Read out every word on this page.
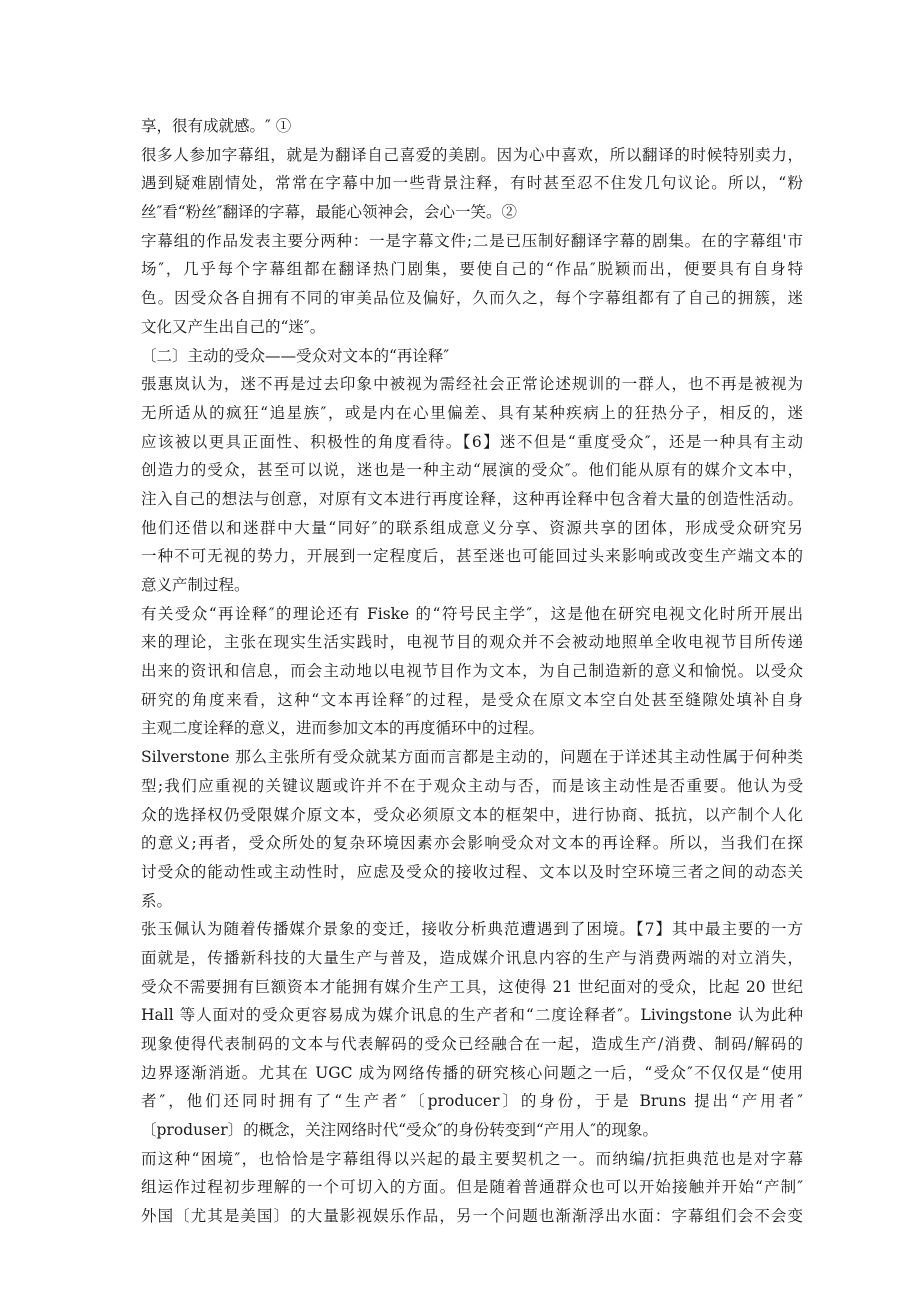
享，很有成就感。″ ①
很多人参加字幕组，就是为翻译自己喜爱的美剧。因为心中喜欢，所以翻译的时候特别卖力，
遇到疑难剧情处，常常在字幕中加一些背景注释，有时甚至忍不住发几句议论。所以，“粉
丝″看“粉丝″翻译的字幕，最能心领神会，会心一笑。②
字幕组的作品发表主要分两种：一是字幕文件;二是已压制好翻译字幕的剧集。在的字幕组'市
场″，几乎每个字幕组都在翻译热门剧集，要使自己的“作品″脱颖而出，便要具有自身特
色。因受众各自拥有不同的审美品位及偏好，久而久之，每个字幕组都有了自己的拥簇，迷
文化又产生出自己的“迷″。
〔二〕主动的受众——受众对文本的“再诠释″
張惠岚认为，迷不再是过去印象中被视为需经社会正常论述规训的一群人，也不再是被视为
无所适从的疯狂“追星族″，或是内在心里偏差、具有某种疾病上的狂热分子，相反的，迷
应该被以更具正面性、积极性的角度看待。【6】迷不但是“重度受众″，还是一种具有主动
创造力的受众，甚至可以说，迷也是一种主动“展演的受众″。他们能从原有的媒介文本中，
注入自己的想法与创意，对原有文本进行再度诠释，这种再诠释中包含着大量的创造性活动。
他们还借以和迷群中大量“同好″的联系组成意义分享、资源共享的团体，形成受众研究另
一种不可无视的势力，开展到一定程度后，甚至迷也可能回过头来影响或改变生产端文本的
意义产制过程。
有关受众“再诠释″的理论还有 Fiske 的“符号民主学″，这是他在研究电视文化时所开展出
来的理论，主张在现实生活实践时，电视节目的观众并不会被动地照单全收电视节目所传递
出来的资讯和信息，而会主动地以电视节目作为文本，为自己制造新的意义和愉悦。以受众
研究的角度来看，这种“文本再诠释″的过程，是受众在原文本空白处甚至缝隙处填补自身
主观二度诠释的意义，进而参加文本的再度循环中的过程。
Silverstone 那么主张所有受众就某方面而言都是主动的，问题在于详述其主动性属于何种类
型;我们应重视的关键议题或许并不在于观众主动与否，而是该主动性是否重要。他认为受
众的选择权仍受限媒介原文本，受众必须原文本的框架中，进行协商、抵抗，以产制个人化
的意义;再者，受众所处的复杂环境因素亦会影响受众对文本的再诠释。所以，当我们在探
讨受众的能动性或主动性时，应虑及受众的接收过程、文本以及时空环境三者之间的动态关
系。
张玉佩认为随着传播媒介景象的变迁，接收分析典范遭遇到了困境。【7】其中最主要的一方
面就是，传播新科技的大量生产与普及，造成媒介讯息内容的生产与消费两端的对立消失，
受众不需要拥有巨额资本才能拥有媒介生产工具，这使得 21 世纪面对的受众，比起 20 世纪
Hall 等人面对的受众更容易成为媒介讯息的生产者和“二度诠释者″。Livingstone 认为此种
现象使得代表制码的文本与代表解码的受众已经融合在一起，造成生产/消费、制码/解码的
边界逐渐消逝。尤其在 UGC 成为网络传播的研究核心问题之一后，“受众″不仅仅是“使用
者″，他们还同时拥有了“生产者″〔producer〕的身份，于是 Bruns 提出“产用者″
〔produser〕的概念，关注网络时代“受众″的身份转变到“产用人″的现象。
而这种“困境″，也恰恰是字幕组得以兴起的最主要契机之一。而纳编/抗拒典范也是对字幕
组运作过程初步理解的一个可切入的方面。但是随着普通群众也可以开始接触并开始“产制″
外国〔尤其是美国〕的大量影视娱乐作品，另一个问题也渐渐浮出水面：字幕组们会不会变
